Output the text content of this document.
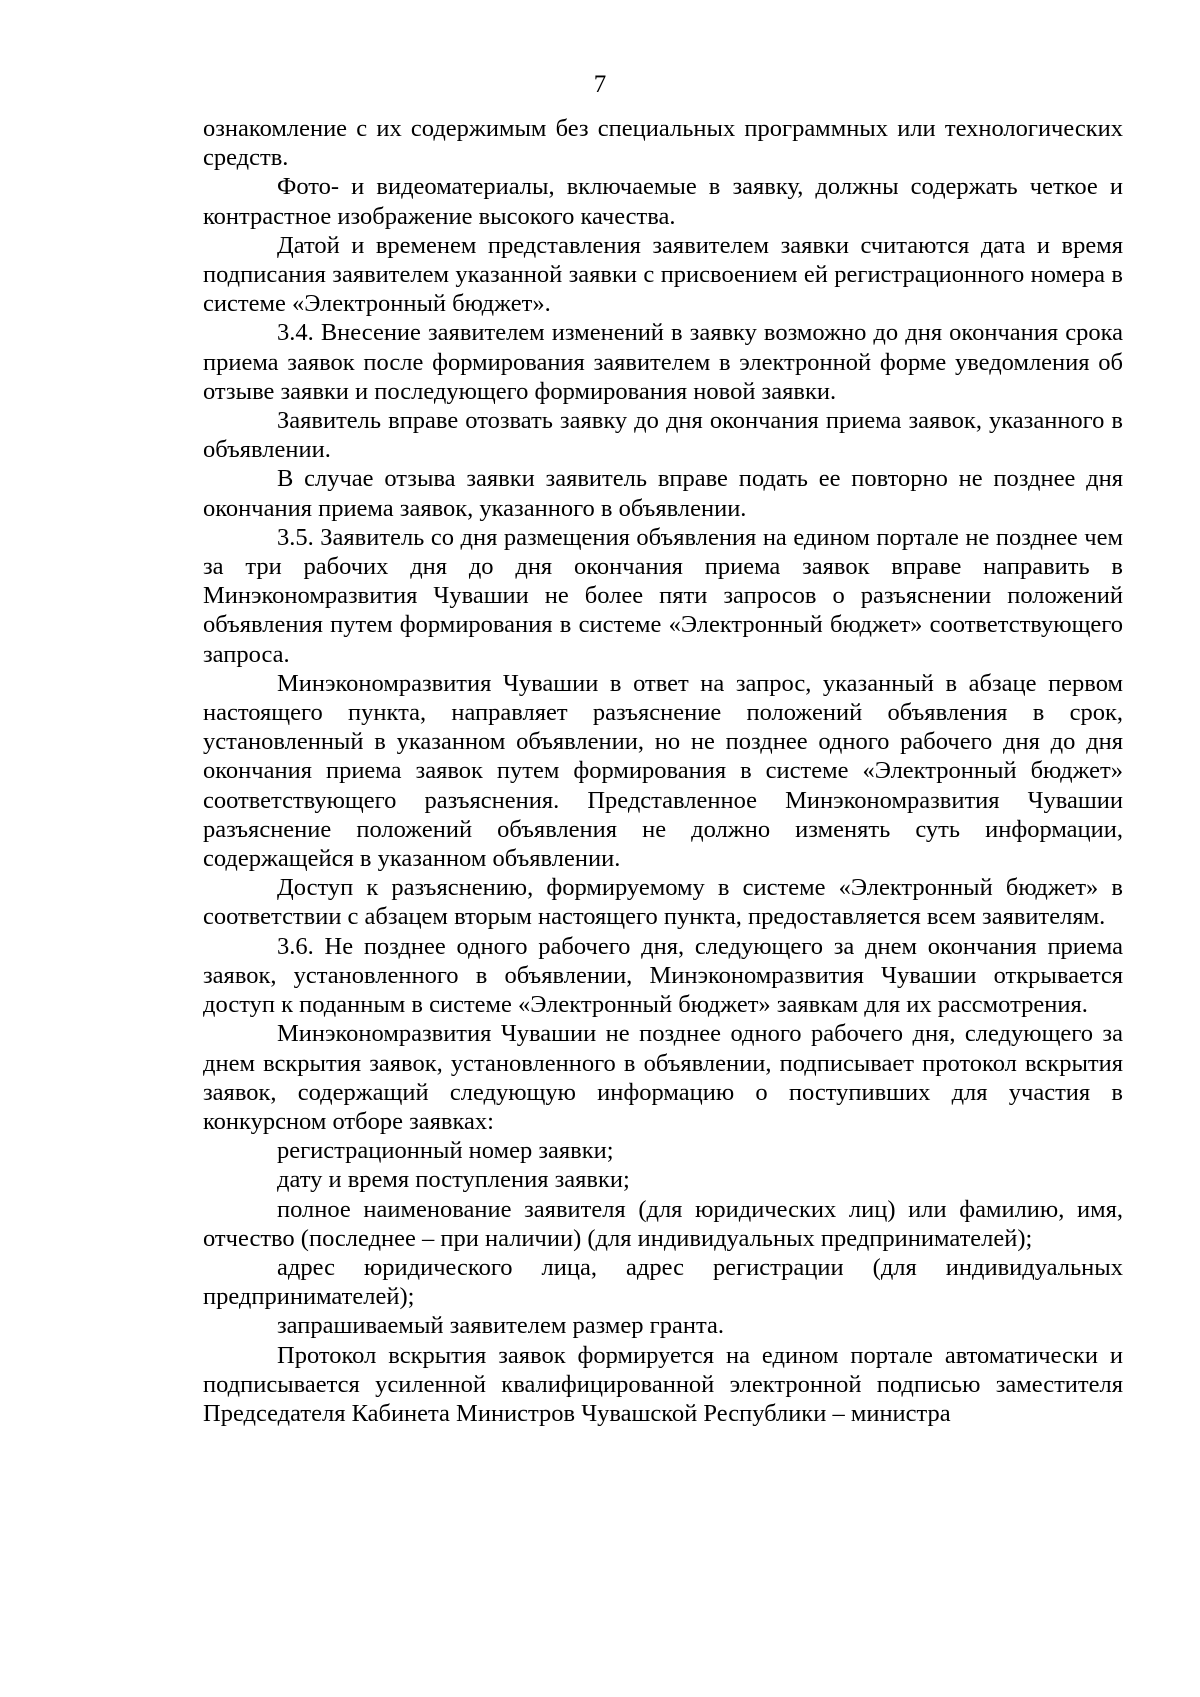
7

ознакомление с их содержимым без специальных программных или технологических средств.

Фото- и видеоматериалы, включаемые в заявку, должны содержать четкое и контрастное изображение высокого качества.

Датой и временем представления заявителем заявки считаются дата и время подписания заявителем указанной заявки с присвоением ей регистрационного номера в системе «Электронный бюджет».

3.4. Внесение заявителем изменений в заявку возможно до дня окончания срока приема заявок после формирования заявителем в электронной форме уведомления об отзыве заявки и последующего формирования новой заявки.

Заявитель вправе отозвать заявку до дня окончания приема заявок, указанного в объявлении.

В случае отзыва заявки заявитель вправе подать ее повторно не позднее дня окончания приема заявок, указанного в объявлении.

3.5. Заявитель со дня размещения объявления на едином портале не позднее чем за три рабочих дня до дня окончания приема заявок вправе направить в Минэкономразвития Чувашии не более пяти запросов о разъяснении положений объявления путем формирования в системе «Электронный бюджет» соответствующего запроса.

Минэкономразвития Чувашии в ответ на запрос, указанный в абзаце первом настоящего пункта, направляет разъяснение положений объявления в срок, установленный в указанном объявлении, но не позднее одного рабочего дня до дня окончания приема заявок путем формирования в системе «Электронный бюджет» соответствующего разъяснения. Представленное Минэкономразвития Чувашии разъяснение положений объявления не должно изменять суть информации, содержащейся в указанном объявлении.

Доступ к разъяснению, формируемому в системе «Электронный бюджет» в соответствии с абзацем вторым настоящего пункта, предоставляется всем заявителям.

3.6. Не позднее одного рабочего дня, следующего за днем окончания приема заявок, установленного в объявлении, Минэкономразвития Чувашии открывается доступ к поданным в системе «Электронный бюджет» заявкам для их рассмотрения.

Минэкономразвития Чувашии не позднее одного рабочего дня, следующего за днем вскрытия заявок, установленного в объявлении, подписывает протокол вскрытия заявок, содержащий следующую информацию о поступивших для участия в конкурсном отборе заявках:

регистрационный номер заявки;

дату и время поступления заявки;

полное наименование заявителя (для юридических лиц) или фамилию, имя, отчество (последнее – при наличии) (для индивидуальных предпринимателей);

адрес юридического лица, адрес регистрации (для индивидуальных предпринимателей);

запрашиваемый заявителем размер гранта.

Протокол вскрытия заявок формируется на едином портале автоматически и подписывается усиленной квалифицированной электронной подписью заместителя Председателя Кабинета Министров Чувашской Республики – министра
